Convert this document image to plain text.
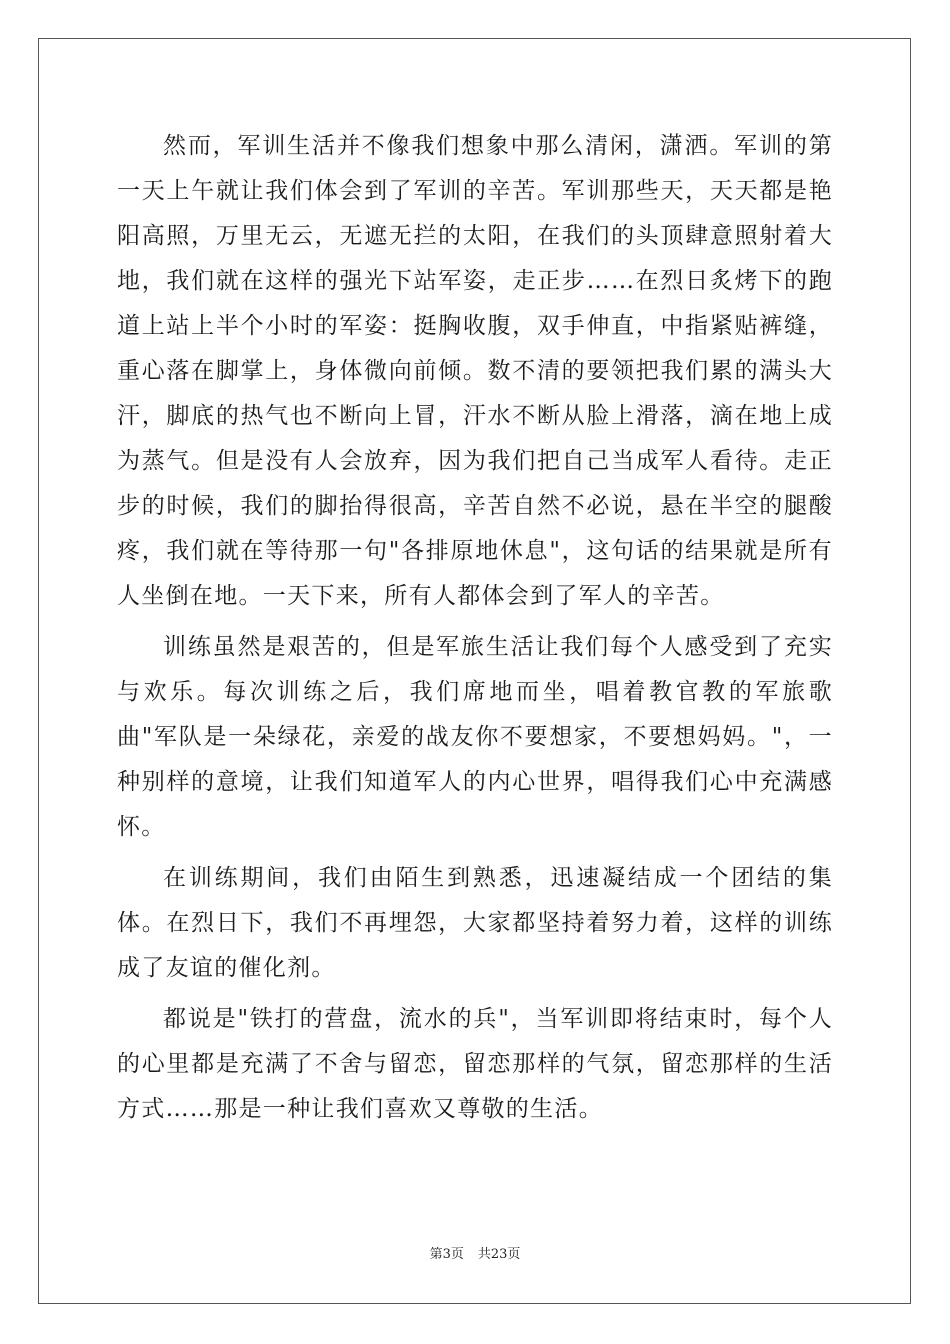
然而，军训生活并不像我们想象中那么清闲，潇洒。军训的第一天上午就让我们体会到了军训的辛苦。军训那些天，天天都是艳阳高照，万里无云，无遮无拦的太阳，在我们的头顶肆意照射着大地，我们就在这样的强光下站军姿，走正步……在烈日炙烤下的跑道上站上半个小时的军姿：挺胸收腹，双手伸直，中指紧贴裤缝，重心落在脚掌上，身体微向前倾。数不清的要领把我们累的满头大汗，脚底的热气也不断向上冒，汗水不断从脸上滑落，滴在地上成为蒸气。但是没有人会放弃，因为我们把自己当成军人看待。走正步的时候，我们的脚抬得很高，辛苦自然不必说，悬在半空的腿酸疼，我们就在等待那一句"各排原地休息"，这句话的结果就是所有人坐倒在地。一天下来，所有人都体会到了军人的辛苦。

训练虽然是艰苦的，但是军旅生活让我们每个人感受到了充实与欢乐。每次训练之后，我们席地而坐，唱着教官教的军旅歌曲"军队是一朵绿花，亲爱的战友你不要想家，不要想妈妈。"，一种别样的意境，让我们知道军人的内心世界，唱得我们心中充满感怀。

在训练期间，我们由陌生到熟悉，迅速凝结成一个团结的集体。在烈日下，我们不再埋怨，大家都坚持着努力着，这样的训练成了友谊的催化剂。

都说是"铁打的营盘，流水的兵"，当军训即将结束时，每个人的心里都是充满了不舍与留恋，留恋那样的气氛，留恋那样的生活方式……那是一种让我们喜欢又尊敬的生活。

第3页 共23页
